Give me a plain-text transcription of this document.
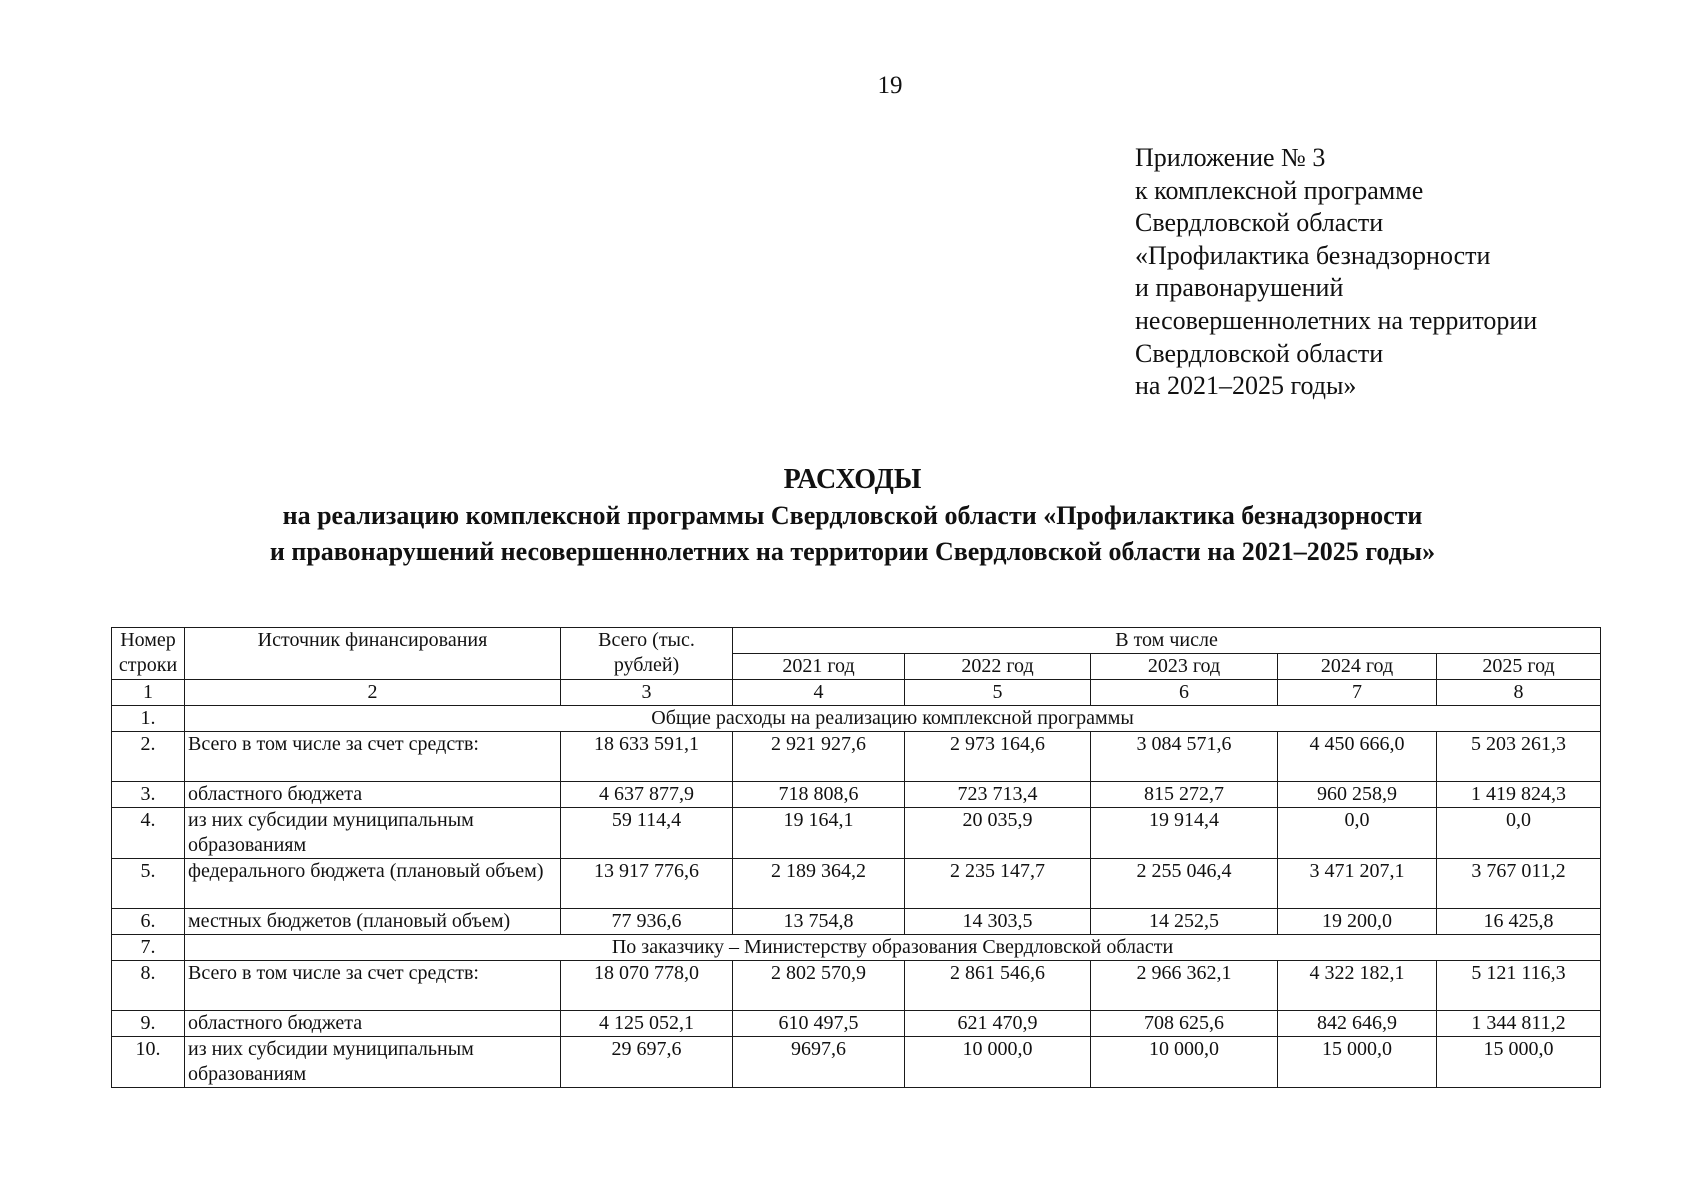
19
Приложение № 3
к комплексной программе
Свердловской области
«Профилактика безнадзорности
и правонарушений
несовершеннолетних на территории
Свердловской области
на 2021–2025 годы»
РАСХОДЫ
на реализацию комплексной программы Свердловской области «Профилактика безнадзорности
и правонарушений несовершеннолетних на территории Свердловской области на 2021–2025 годы»
Номер строки	Источник финансирования	Всего (тыс. рублей)	В том числе				
			2021 год	2022 год	2023 год	2024 год	2025 год
1	2	3	4	5	6	7	8
1.	Общие расходы на реализацию комплексной программы						
2.	Всего в том числе за счет средств:	18 633 591,1	2 921 927,6	2 973 164,6	3 084 571,6	4 450 666,0	5 203 261,3
3.	областного бюджета	4 637 877,9	718 808,6	723 713,4	815 272,7	960 258,9	1 419 824,3
4.	из них субсидии муниципальным образованиям	59 114,4	19 164,1	20 035,9	19 914,4	0,0	0,0
5.	федерального бюджета (плановый объем)	13 917 776,6	2 189 364,2	2 235 147,7	2 255 046,4	3 471 207,1	3 767 011,2
6.	местных бюджетов (плановый объем)	77 936,6	13 754,8	14 303,5	14 252,5	19 200,0	16 425,8
7.	По заказчику – Министерству образования Свердловской области						
8.	Всего в том числе за счет средств:	18 070 778,0	2 802 570,9	2 861 546,6	2 966 362,1	4 322 182,1	5 121 116,3
9.	областного бюджета	4 125 052,1	610 497,5	621 470,9	708 625,6	842 646,9	1 344 811,2
10.	из них субсидии муниципальным образованиям	29 697,6	9697,6	10 000,0	10 000,0	15 000,0	15 000,0
